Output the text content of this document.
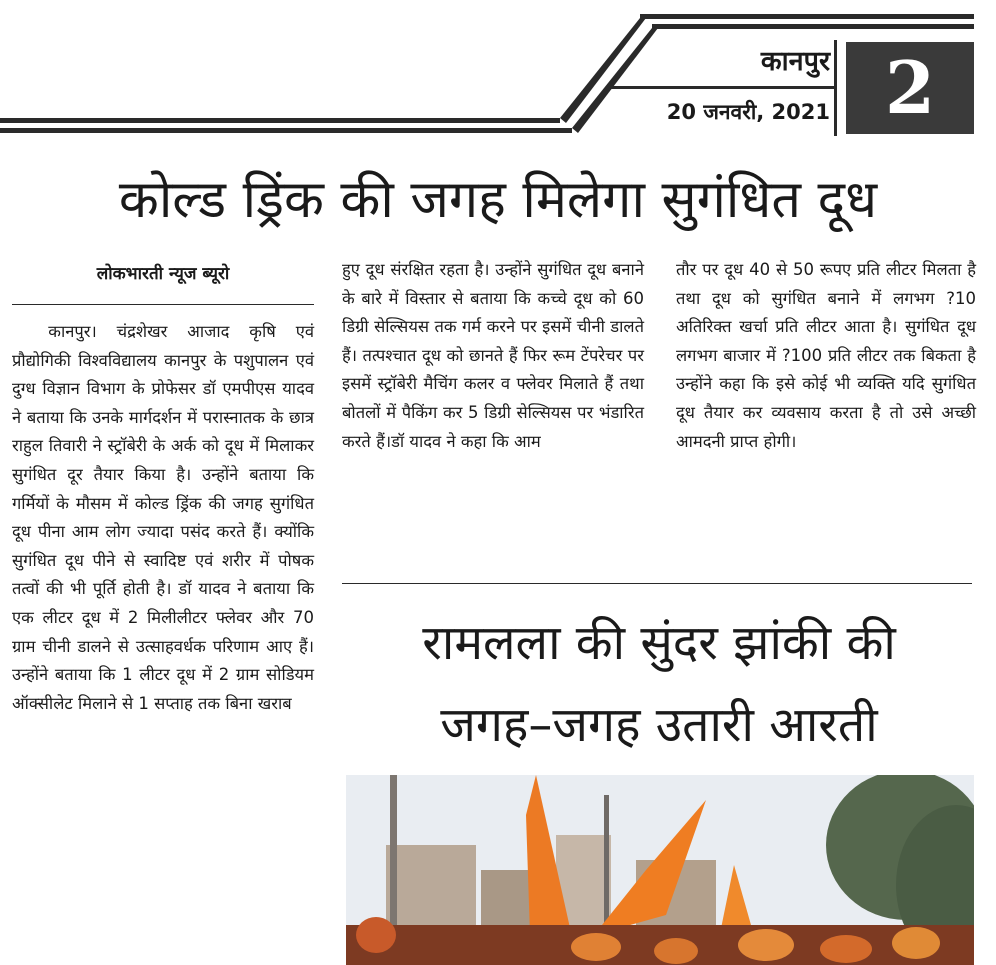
कानपुर
20 जनवरी, 2021 2
कोल्ड ड्रिंक की जगह मिलेगा सुगंधित दूध
लोकभारती न्यूज ब्यूरो
कानपुर। चंद्रशेखर आजाद कृषि एवं प्रौद्योगिकी विश्वविद्यालय कानपुर के पशुपालन एवं दुग्ध विज्ञान विभाग के प्रोफेसर डॉ एमपीएस यादव ने बताया कि उनके मार्गदर्शन में परास्नातक के छात्र राहुल तिवारी ने स्ट्रॉबेरी के अर्क को दूध में मिलाकर सुगंधित दूर तैयार किया है। उन्होंने बताया कि गर्मियों के मौसम में कोल्ड ड्रिंक की जगह सुगंधित दूध पीना आम लोग ज्यादा पसंद करते हैं। क्योंकि सुगंधित दूध पीने से स्वादिष्ट एवं शरीर में पोषक तत्वों की भी पूर्ति होती है। डॉ यादव ने बताया कि एक लीटर दूध में 2 मिलीलीटर फ्लेवर और 70 ग्राम चीनी डालने से उत्साहवर्धक परिणाम आए हैं। उन्होंने बताया कि 1 लीटर दूध में 2 ग्राम सोडियम ऑक्सीलेट मिलाने से 1 सप्ताह तक बिना खराब
हुए दूध संरक्षित रहता है। उन्होंने सुगंधित दूध बनाने के बारे में विस्तार से बताया कि कच्चे दूध को 60 डिग्री सेल्सियस तक गर्म करने पर इसमें चीनी डालते हैं। तत्पश्चात दूध को छानते हैं फिर रूम टेंपरेचर पर इसमें स्ट्रॉबेरी मैचिंग कलर व फ्लेवर मिलाते हैं तथा बोतलों में पैकिंग कर 5 डिग्री सेल्सियस पर भंडारित करते हैं।डॉ यादव ने कहा कि आम
तौर पर दूध 40 से 50 रूपए प्रति लीटर मिलता है तथा दूध को सुगंधित बनाने में लगभग ?10 अतिरिक्त खर्चा प्रति लीटर आता है। सुगंधित दूध लगभग बाजार में ?100 प्रति लीटर तक बिकता है उन्होंने कहा कि इसे कोई भी व्यक्ति यदि सुगंधित दूध तैयार कर व्यवसाय करता है तो उसे अच्छी आमदनी प्राप्त होगी।
रामलला की सुंदर झांकी की
जगह–जगह उतारी आरती
